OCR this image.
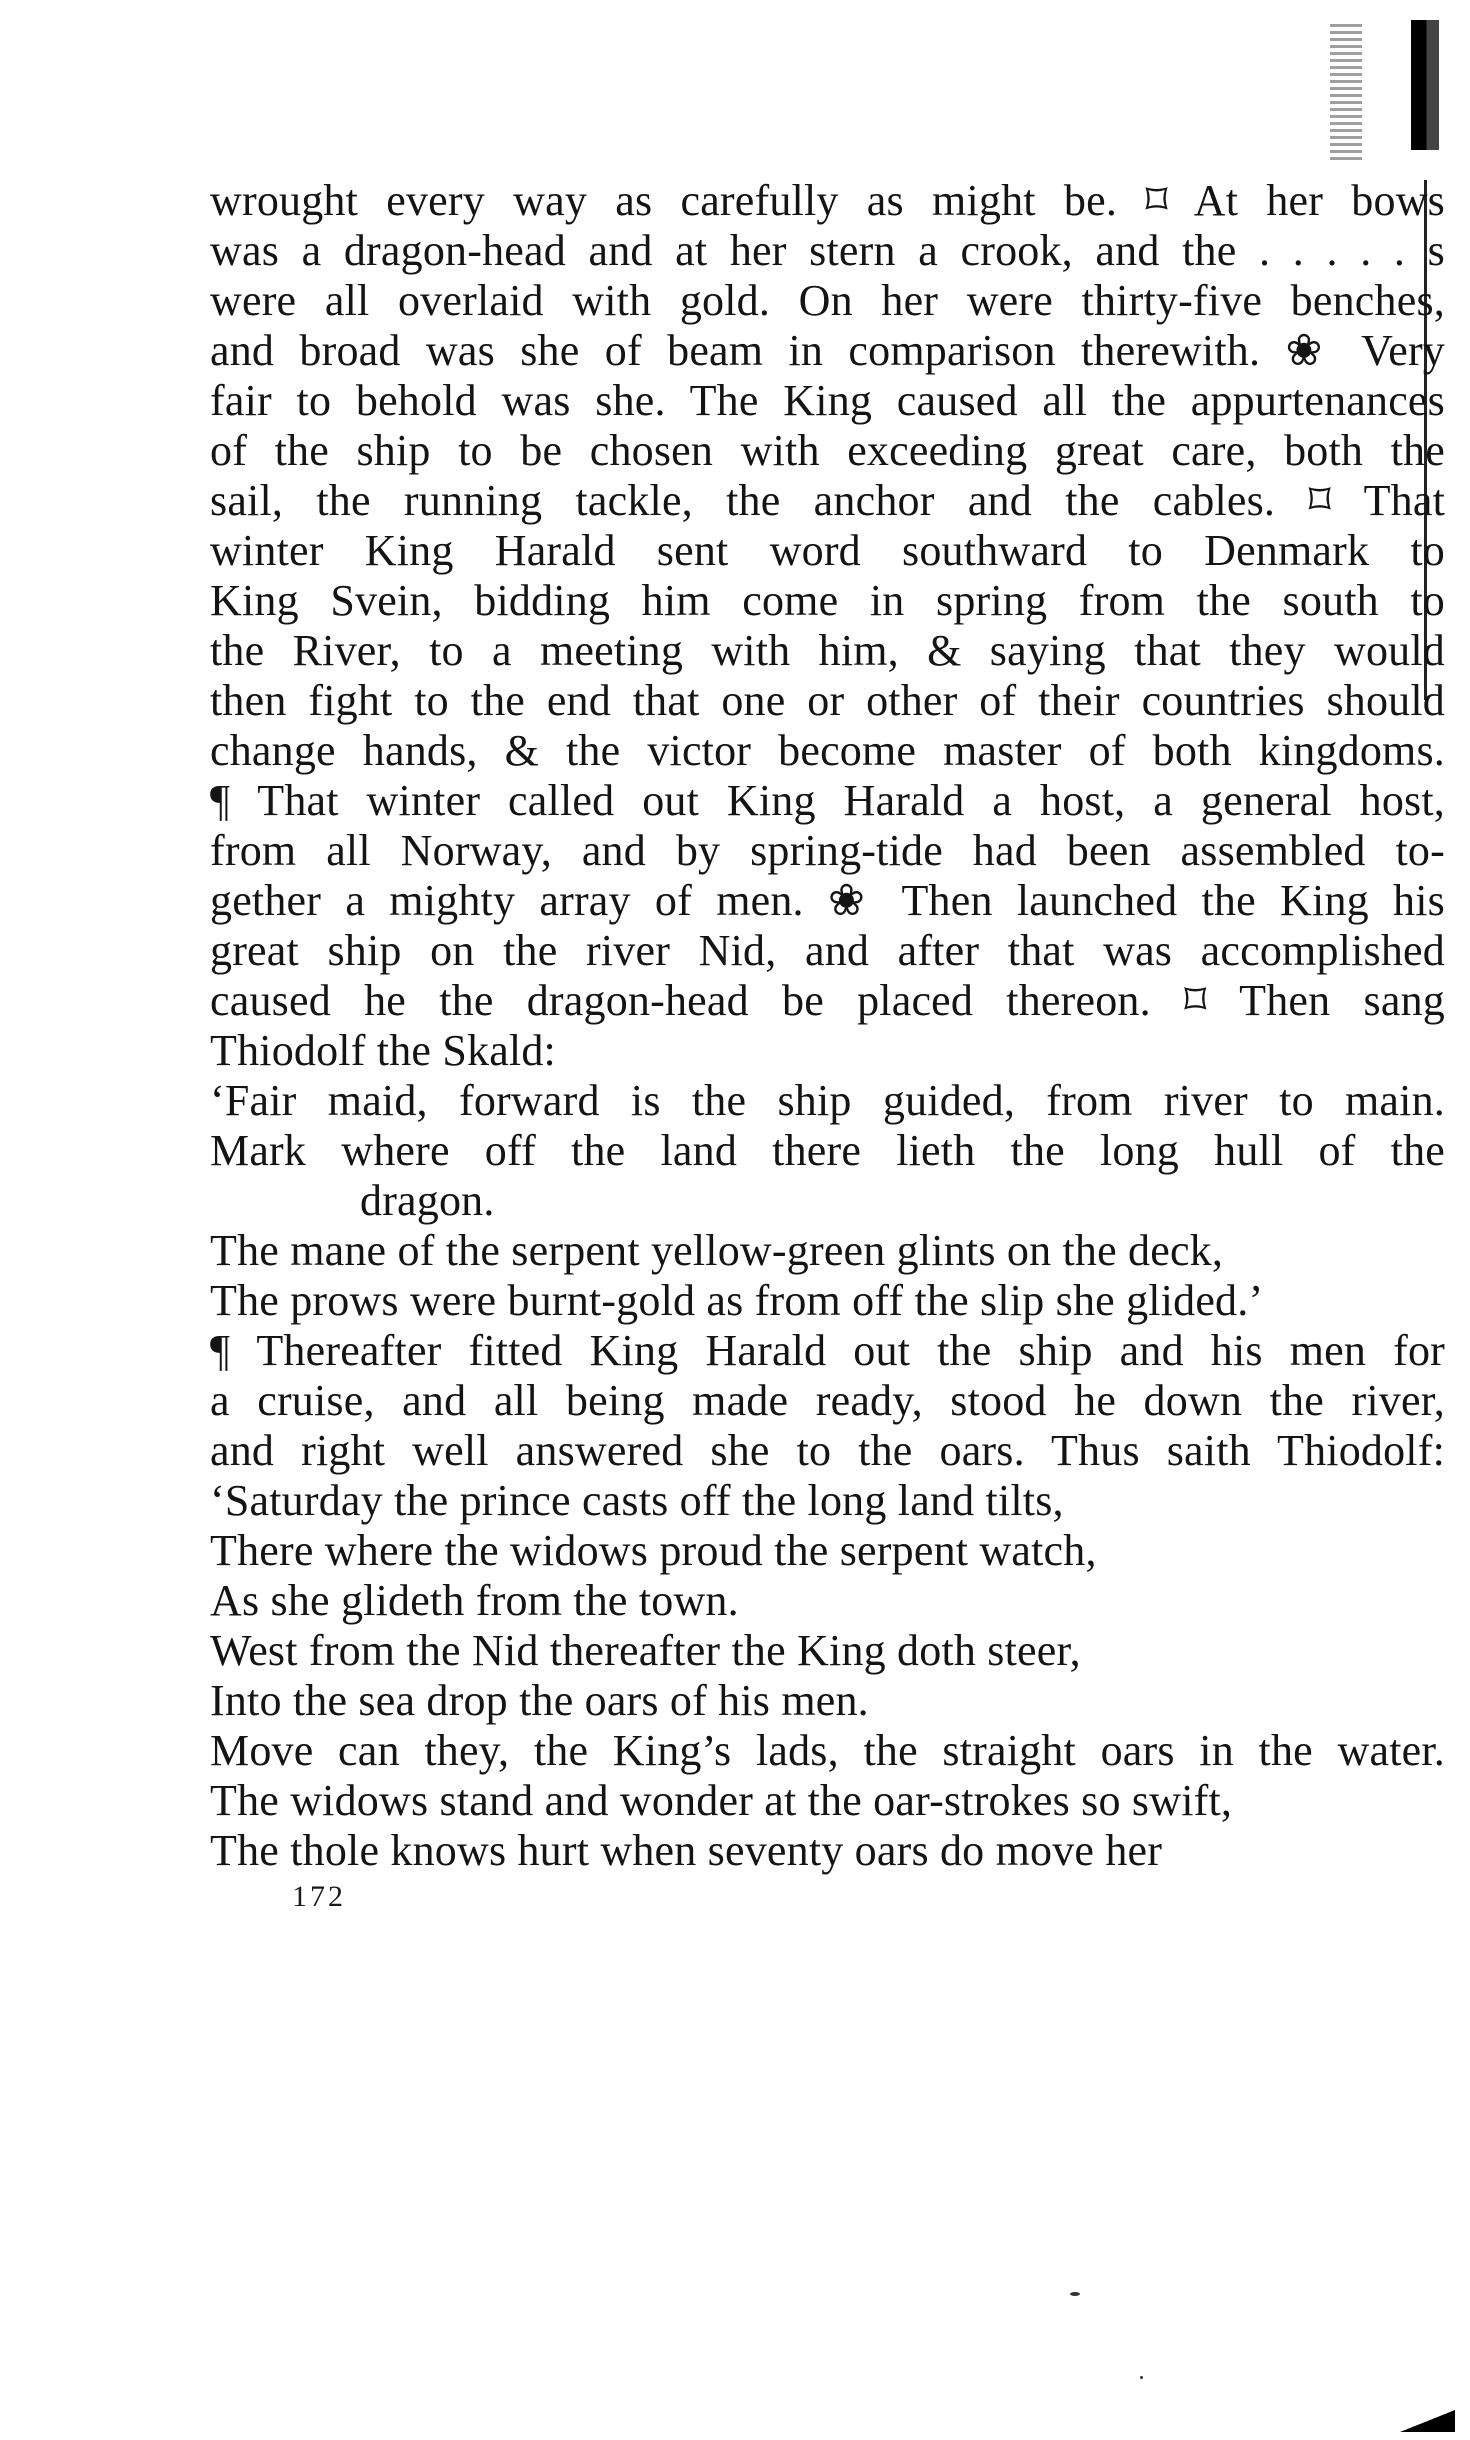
wrought every way as carefully as might be. ⌑ At her bows
was a dragon-head and at her stern a crook, and the . . . . . s
were all overlaid with gold. On her were thirty-five benches,
and broad was she of beam in comparison therewith. ❀ Very
fair to behold was she. The King caused all the appurtenances
of the ship to be chosen with exceeding great care, both the
sail, the running tackle, the anchor and the cables. ⌑ That
winter King Harald sent word southward to Denmark to
King Svein, bidding him come in spring from the south to
the River, to a meeting with him, & saying that they would
then fight to the end that one or other of their countries should
change hands, & the victor become master of both kingdoms.
¶ That winter called out King Harald a host, a general host,
from all Norway, and by spring-tide had been assembled to-
gether a mighty array of men. ❀ Then launched the King his
great ship on the river Nid, and after that was accomplished
caused he the dragon-head be placed thereon. ⌑ Then sang
Thiodolf the Skald:
‘Fair maid, forward is the ship guided, from river to main.
Mark where off the land there lieth the long hull of the
dragon.
The mane of the serpent yellow-green glints on the deck,
The prows were burnt-gold as from off the slip she glided.’
¶ Thereafter fitted King Harald out the ship and his men for
a cruise, and all being made ready, stood he down the river,
and right well answered she to the oars. Thus saith Thiodolf:
‘Saturday the prince casts off the long land tilts,
There where the widows proud the serpent watch,
As she glideth from the town.
West from the Nid thereafter the King doth steer,
Into the sea drop the oars of his men.
Move can they, the King’s lads, the straight oars in the water.
The widows stand and wonder at the oar-strokes so swift,
The thole knows hurt when seventy oars do move her
172
